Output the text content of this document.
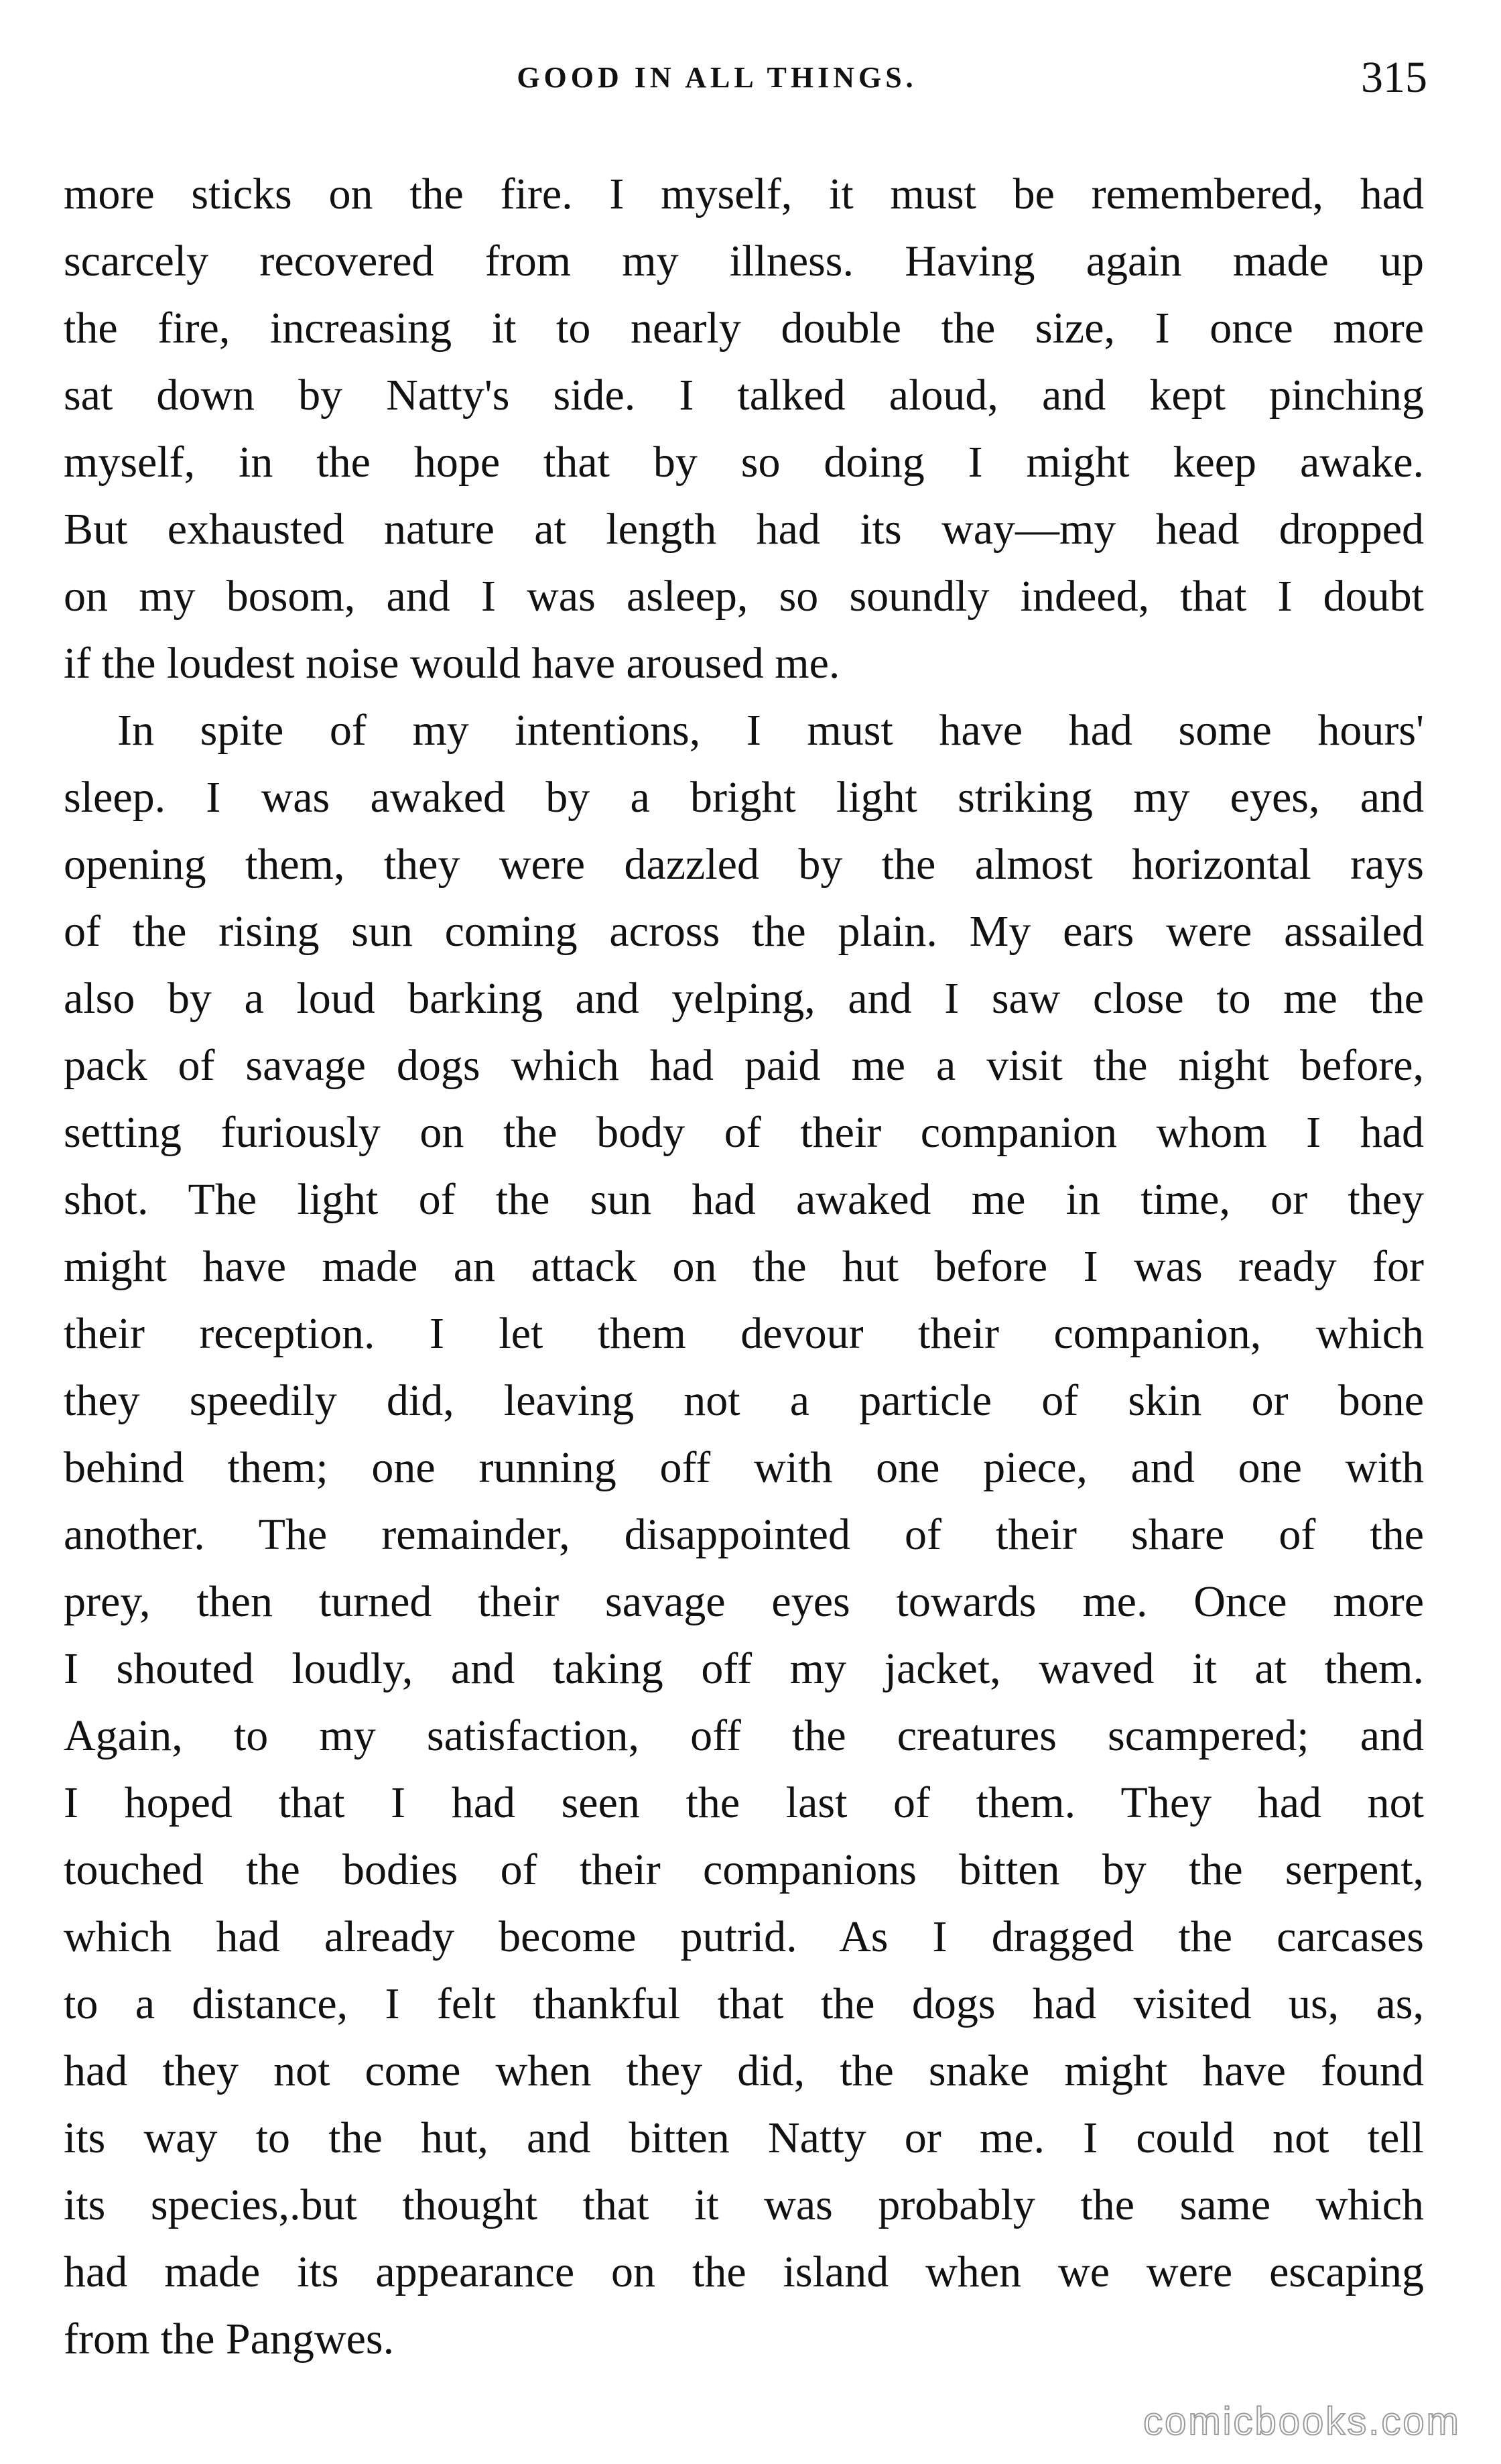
GOOD IN ALL THINGS.	315
more sticks on the fire. I myself, it must be remembered, had
scarcely recovered from my illness. Having again made up
the fire, increasing it to nearly double the size, I once more
sat down by Natty's side. I talked aloud, and kept pinching
myself, in the hope that by so doing I might keep awake.
But exhausted nature at length had its way—my head dropped
on my bosom, and I was asleep, so soundly indeed, that I doubt
if the loudest noise would have aroused me.
In spite of my intentions, I must have had some hours'
sleep. I was awaked by a bright light striking my eyes, and
opening them, they were dazzled by the almost horizontal rays
of the rising sun coming across the plain. My ears were assailed
also by a loud barking and yelping, and I saw close to me the
pack of savage dogs which had paid me a visit the night before,
setting furiously on the body of their companion whom I had
shot. The light of the sun had awaked me in time, or they
might have made an attack on the hut before I was ready for
their reception. I let them devour their companion, which
they speedily did, leaving not a particle of skin or bone
behind them; one running off with one piece, and one with
another. The remainder, disappointed of their share of the
prey, then turned their savage eyes towards me. Once more
I shouted loudly, and taking off my jacket, waved it at them.
Again, to my satisfaction, off the creatures scampered; and
I hoped that I had seen the last of them. They had not
touched the bodies of their companions bitten by the serpent,
which had already become putrid. As I dragged the carcases
to a distance, I felt thankful that the dogs had visited us, as,
had they not come when they did, the snake might have found
its way to the hut, and bitten Natty or me. I could not tell
its species,.but thought that it was probably the same which
had made its appearance on the island when we were escaping
from the Pangwes.
comicbooks.com
